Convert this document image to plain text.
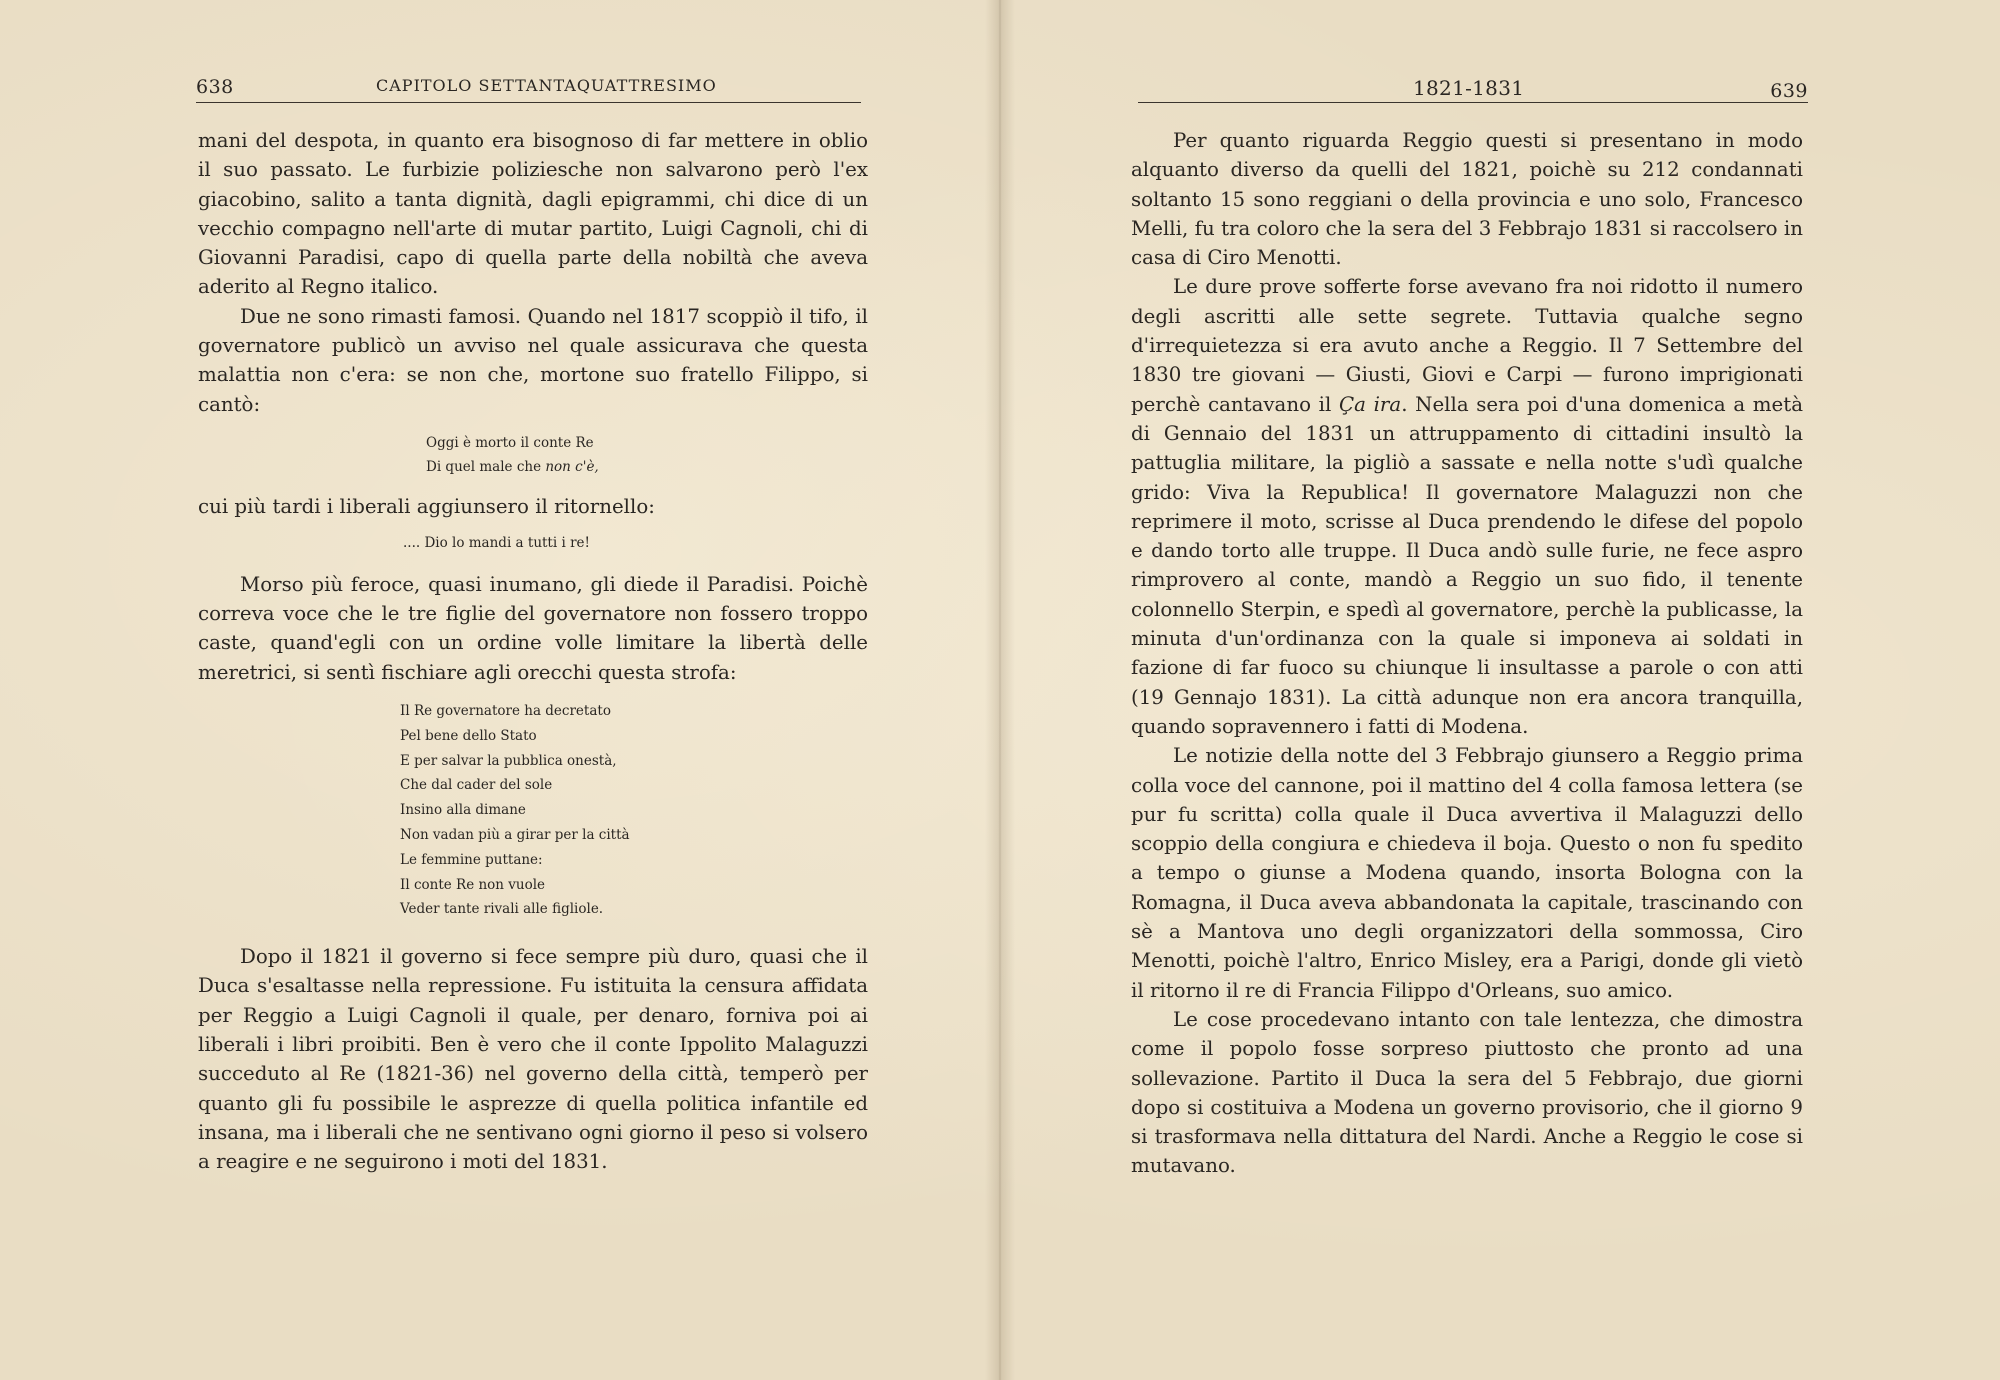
638	CAPITOLO SETTANTAQUATTRESIMO

mani del despota, in quanto era bisognoso di far mettere in oblio il suo passato. Le furbizie poliziesche non salvarono però l'ex giacobino, salito a tanta dignità, dagli epigrammi, chi dice di un vecchio compagno nell'arte di mutar partito, Luigi Cagnoli, chi di Giovanni Paradisi, capo di quella parte della nobiltà che aveva aderito al Regno italico.

Due ne sono rimasti famosi. Quando nel 1817 scoppiò il tifo, il governatore publicò un avviso nel quale assicurava che questa malattia non c'era: se non che, mortone suo fratello Filippo, si cantò:

Oggi è morto il conte Re
Di quel male che non c'è,

cui più tardi i liberali aggiunsero il ritornello:

.... Dio lo mandi a tutti i re!

Morso più feroce, quasi inumano, gli diede il Paradisi. Poichè correva voce che le tre figlie del governatore non fossero troppo caste, quand'egli con un ordine volle limitare la libertà delle meretrici, si sentì fischiare agli orecchi questa strofa:

Il Re governatore ha decretato
Pel bene dello Stato
E per salvar la pubblica onestà,
Che dal cader del sole
Insino alla dimane
Non vadan più a girar per la città
Le femmine puttane:
Il conte Re non vuole
Veder tante rivali alle figliole.

Dopo il 1821 il governo si fece sempre più duro, quasi che il Duca s'esaltasse nella repressione. Fu istituita la censura affidata per Reggio a Luigi Cagnoli il quale, per denaro, forniva poi ai liberali i libri proibiti. Ben è vero che il conte Ippolito Malaguzzi succeduto al Re (1821-36) nel governo della città, temperò per quanto gli fu possibile le asprezze di quella politica infantile ed insana, ma i liberali che ne sentivano ogni giorno il peso si volsero a reagire e ne seguirono i moti del 1831.

1821-1831	639

Per quanto riguarda Reggio questi si presentano in modo alquanto diverso da quelli del 1821, poichè su 212 condannati soltanto 15 sono reggiani o della provincia e uno solo, Francesco Melli, fu tra coloro che la sera del 3 Febbrajo 1831 si raccolsero in casa di Ciro Menotti.

Le dure prove sofferte forse avevano fra noi ridotto il numero degli ascritti alle sette segrete. Tuttavia qualche segno d'irrequietezza si era avuto anche a Reggio. Il 7 Settembre del 1830 tre giovani — Giusti, Giovi e Carpi — furono imprigionati perchè cantavano il Ça ira. Nella sera poi d'una domenica a metà di Gennaio del 1831 un attruppamento di cittadini insultò la pattuglia militare, la pigliò a sassate e nella notte s'udì qualche grido: Viva la Republica! Il governatore Malaguzzi non che reprimere il moto, scrisse al Duca prendendo le difese del popolo e dando torto alle truppe. Il Duca andò sulle furie, ne fece aspro rimprovero al conte, mandò a Reggio un suo fido, il tenente colonnello Sterpin, e spedì al governatore, perchè la publicasse, la minuta d'un'ordinanza con la quale si imponeva ai soldati in fazione di far fuoco su chiunque li insultasse a parole o con atti (19 Gennajo 1831). La città adunque non era ancora tranquilla, quando sopravennero i fatti di Modena.

Le notizie della notte del 3 Febbrajo giunsero a Reggio prima colla voce del cannone, poi il mattino del 4 colla famosa lettera (se pur fu scritta) colla quale il Duca avvertiva il Malaguzzi dello scoppio della congiura e chiedeva il boja. Questo o non fu spedito a tempo o giunse a Modena quando, insorta Bologna con la Romagna, il Duca aveva abbandonata la capitale, trascinando con sè a Mantova uno degli organizzatori della sommossa, Ciro Menotti, poichè l'altro, Enrico Misley, era a Parigi, donde gli vietò il ritorno il re di Francia Filippo d'Orleans, suo amico.

Le cose procedevano intanto con tale lentezza, che dimostra come il popolo fosse sorpreso piuttosto che pronto ad una sollevazione. Partito il Duca la sera del 5 Febbrajo, due giorni dopo si costituiva a Modena un governo provisorio, che il giorno 9 si trasformava nella dittatura del Nardi. Anche a Reggio le cose si mutavano.
